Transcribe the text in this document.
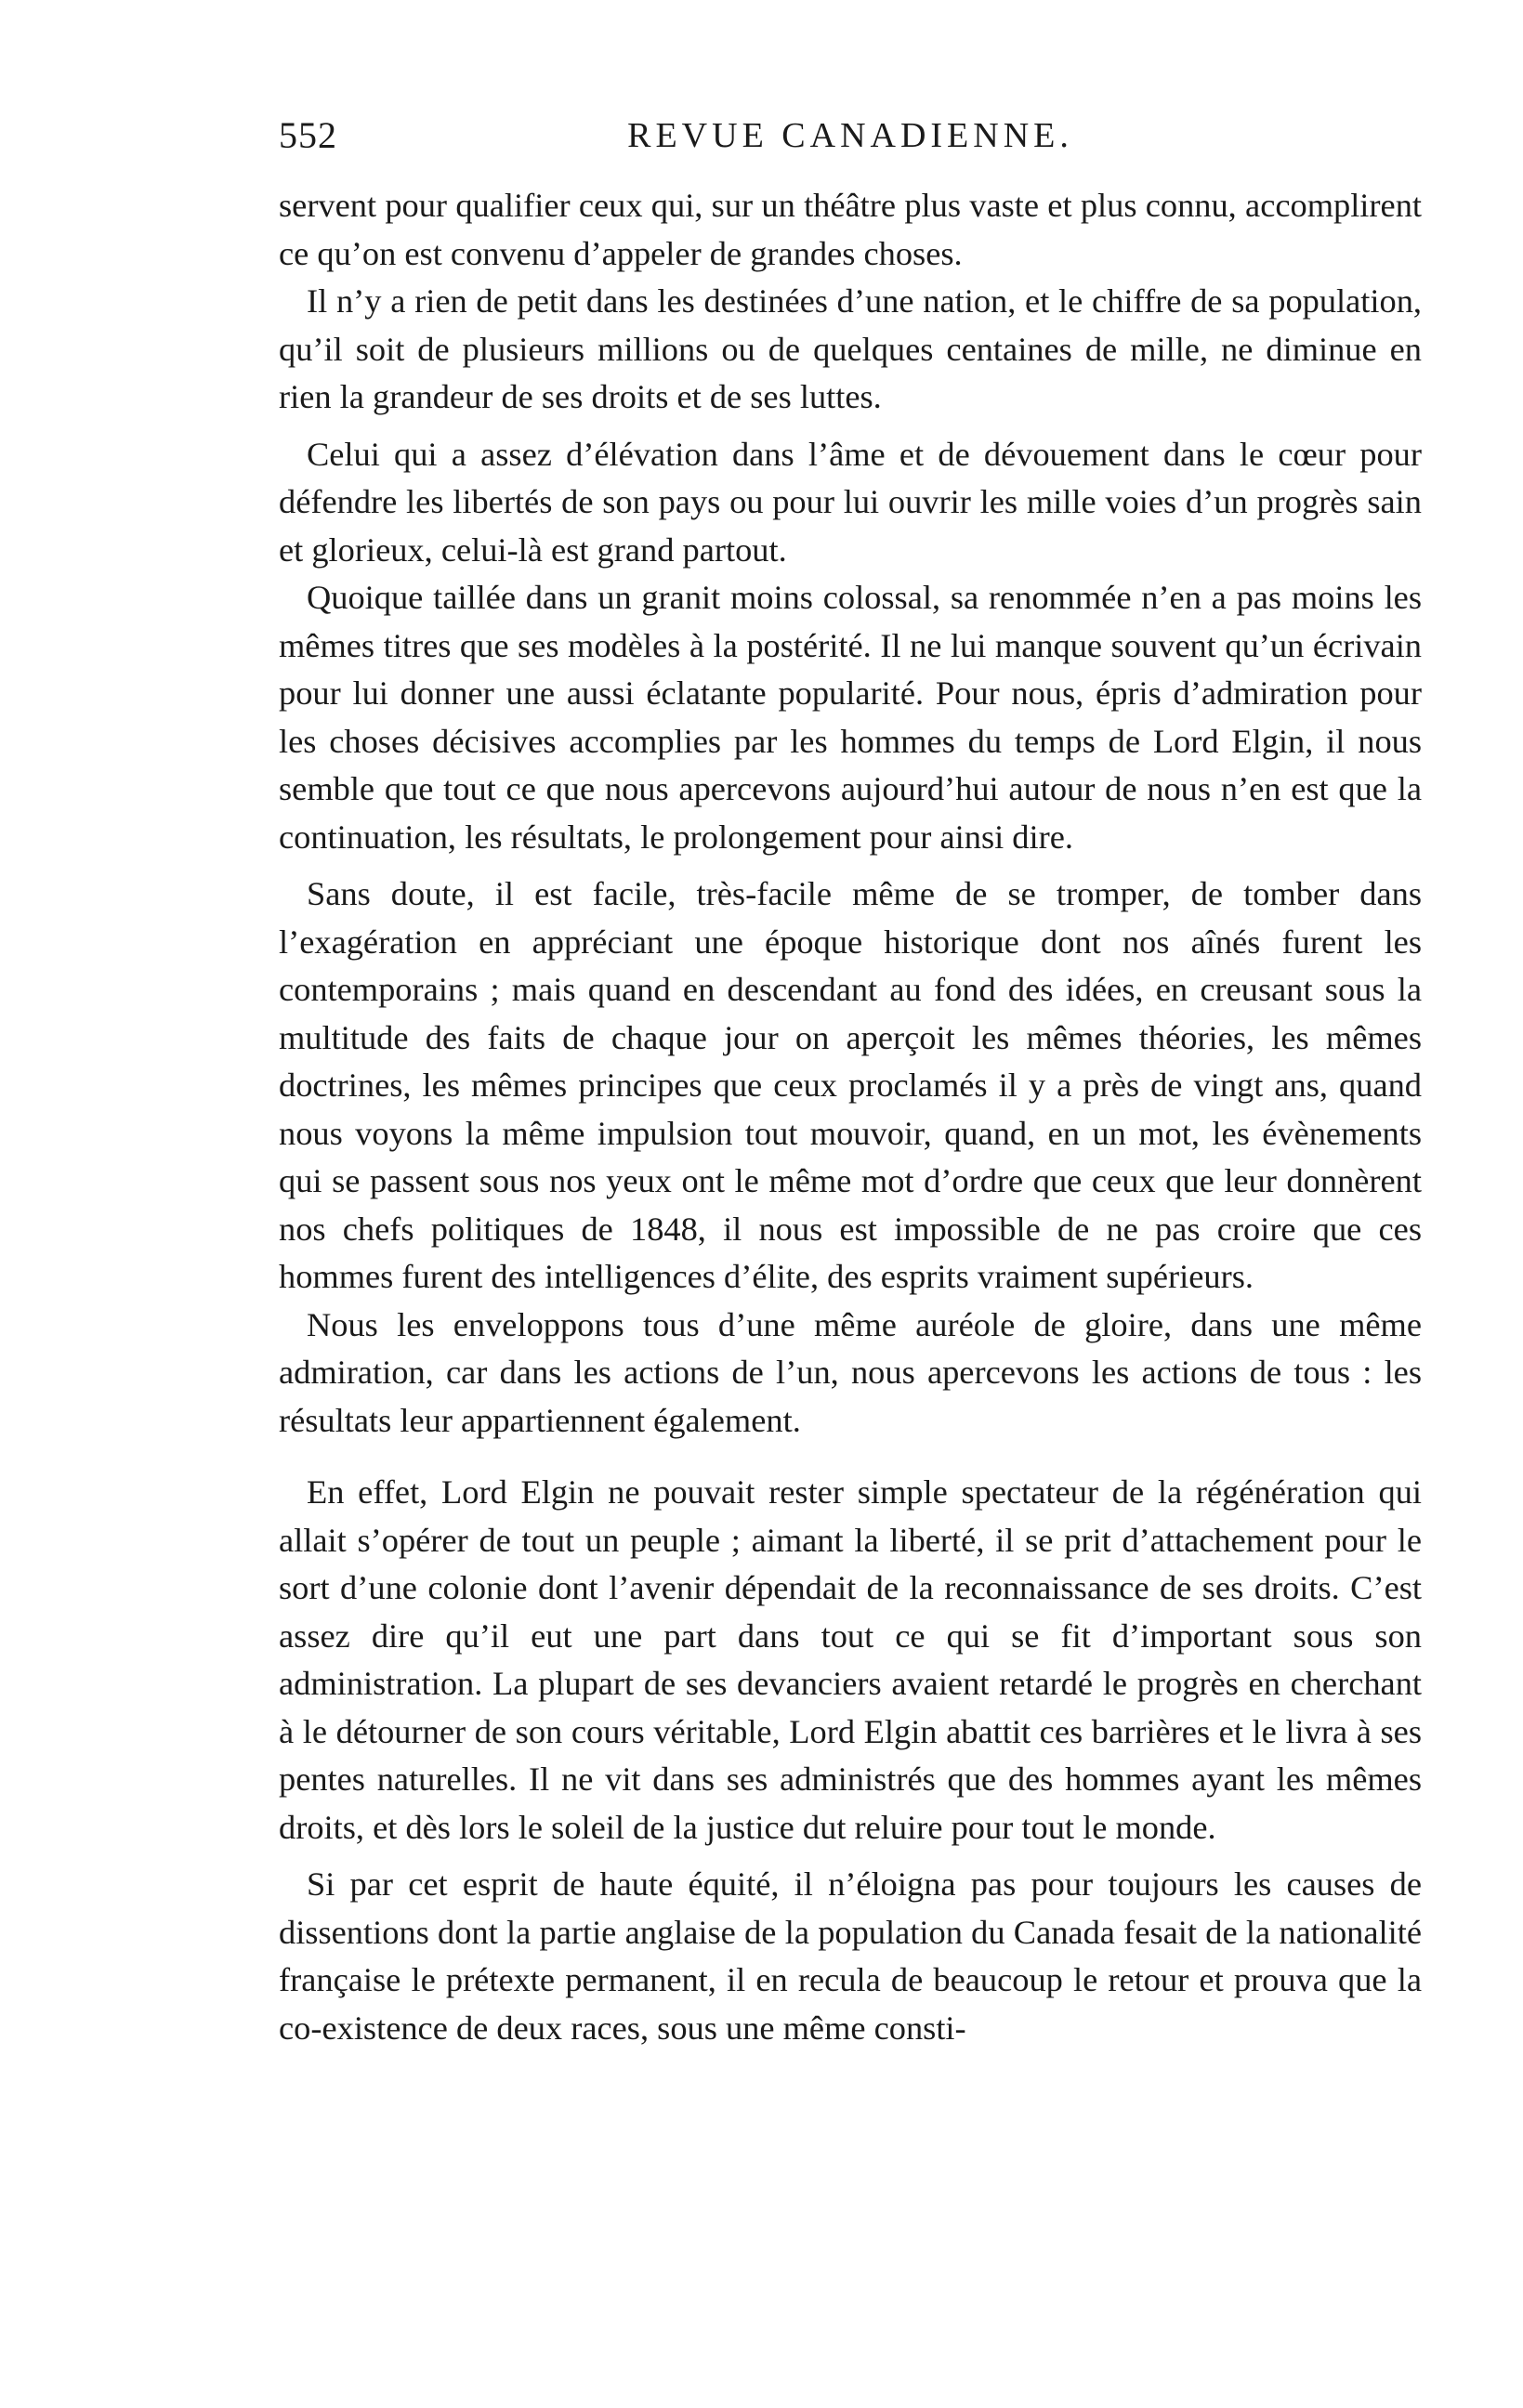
552	REVUE CANADIENNE.

servent pour qualifier ceux qui, sur un théâtre plus vaste et plus connu, accomplirent ce qu’on est convenu d’appeler de grandes choses.

Il n’y a rien de petit dans les destinées d’une nation, et le chiffre de sa population, qu’il soit de plusieurs millions ou de quelques centaines de mille, ne diminue en rien la grandeur de ses droits et de ses luttes.

Celui qui a assez d’élévation dans l’âme et de dévouement dans le cœur pour défendre les libertés de son pays ou pour lui ouvrir les mille voies d’un progrès sain et glorieux, celui-là est grand partout.

Quoique taillée dans un granit moins colossal, sa renommée n’en a pas moins les mêmes titres que ses modèles à la postérité. Il ne lui manque souvent qu’un écrivain pour lui donner une aussi éclatante popularité. Pour nous, épris d’admiration pour les choses décisives accomplies par les hommes du temps de Lord Elgin, il nous semble que tout ce que nous apercevons aujourd’hui autour de nous n’en est que la continuation, les résultats, le prolongement pour ainsi dire.

Sans doute, il est facile, très-facile même de se tromper, de tomber dans l’exagération en appréciant une époque historique dont nos aînés furent les contemporains ; mais quand en descendant au fond des idées, en creusant sous la multitude des faits de chaque jour on aperçoit les mêmes théories, les mêmes doctrines, les mêmes principes que ceux proclamés il y a près de vingt ans, quand nous voyons la même impulsion tout mouvoir, quand, en un mot, les évènements qui se passent sous nos yeux ont le même mot d’ordre que ceux que leur donnèrent nos chefs politiques de 1848, il nous est impossible de ne pas croire que ces hommes furent des intelligences d’élite, des esprits vraiment supérieurs.

Nous les enveloppons tous d’une même auréole de gloire, dans une même admiration, car dans les actions de l’un, nous apercevons les actions de tous : les résultats leur appartiennent également.

En effet, Lord Elgin ne pouvait rester simple spectateur de la régénération qui allait s’opérer de tout un peuple ; aimant la liberté, il se prit d’attachement pour le sort d’une colonie dont l’avenir dépendait de la reconnaissance de ses droits. C’est assez dire qu’il eut une part dans tout ce qui se fit d’important sous son administration. La plupart de ses devanciers avaient retardé le progrès en cherchant à le détourner de son cours véritable, Lord Elgin abattit ces barrières et le livra à ses pentes naturelles. Il ne vit dans ses administrés que des hommes ayant les mêmes droits, et dès lors le soleil de la justice dut reluire pour tout le monde.

Si par cet esprit de haute équité, il n’éloigna pas pour toujours les causes de dissentions dont la partie anglaise de la population du Canada fesait de la nationalité française le prétexte permanent, il en recula de beaucoup le retour et prouva que la co-existence de deux races, sous une même consti-
